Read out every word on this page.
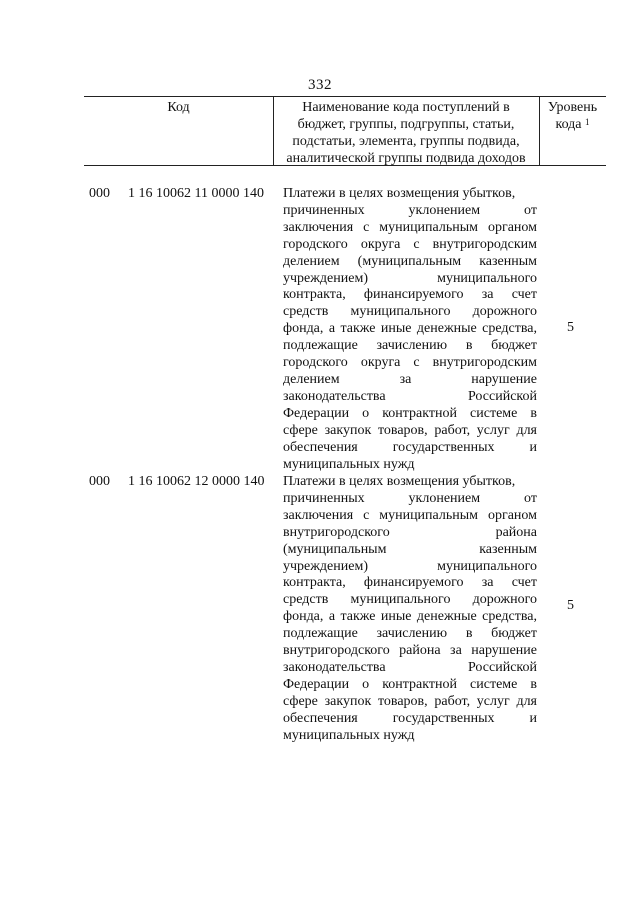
332
Код	Наименование кода поступлений в
бюджет, группы, подгруппы, статьи,
подстатьи, элемента, группы подвида,
аналитической группы подвида доходов
Уровень
кода $^1$
000 1 16 10062 11 0000 140 Платежи в целях возмещения убытков,
причиненных уклонением от
заключения с муниципальным органом
городского округа с внутригородским
делением (муниципальным казенным
учреждением) муниципального
контракта, финансируемого за счет
средств муниципального дорожного
фонда, а также иные денежные средства,
подлежащие зачислению в бюджет
городского округа с внутригородским
делением за нарушение
законодательства Российской
Федерации о контрактной системе в
сфере закупок товаров, работ, услуг для
обеспечения государственных и
муниципальных нужд
5
000 1 16 10062 12 0000 140 Платежи в целях возмещения убытков,
причиненных уклонением от
заключения с муниципальным органом
внутригородского района
(муниципальным казенным
учреждением) муниципального
контракта, финансируемого за счет
средств муниципального дорожного
фонда, а также иные денежные средства,
подлежащие зачислению в бюджет
внутригородского района за нарушение
законодательства Российской
Федерации о контрактной системе в
сфере закупок товаров, работ, услуг для
обеспечения государственных и
муниципальных нужд
5
